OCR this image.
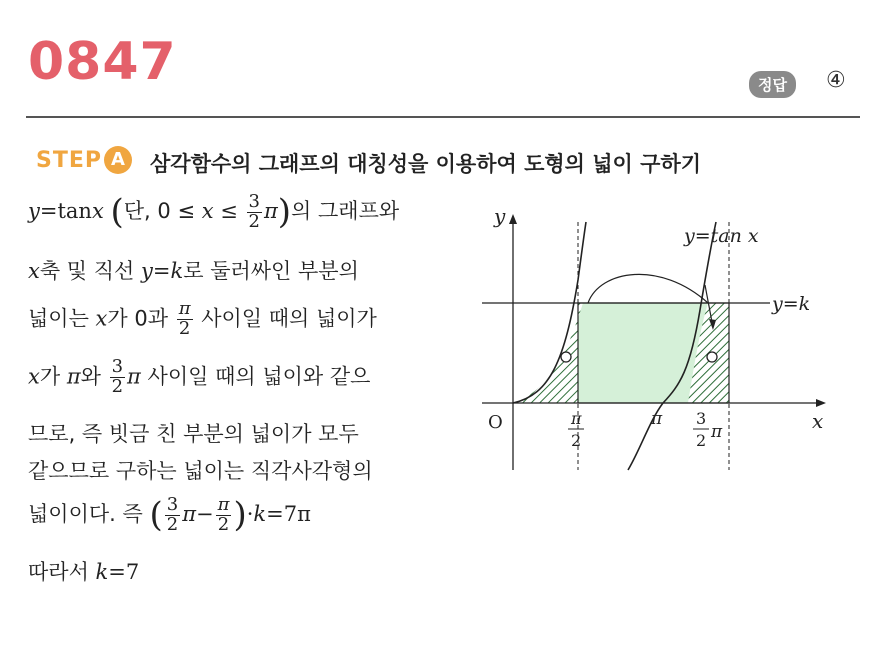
0847	정답	④
STEP A	삼각함수의 그래프의 대칭성을 이용하여 도형의 넓이 구하기
y=tanx (단, $0 \le x \le \frac{3}{2} \pi$)의 그래프와
x축 및 직선 y=k로 둘러싸인 부분의
넓이는 x가 0과 $\frac{\pi}{2}$ 사이일 때의 넓이가
x가 π와 $\frac{3}{2}$ π 사이일 때의 넓이와 같으
므로, 즉 빗금 친 부분의 넓이가 모두
같으므로 구하는 넓이는 직각사각형의
넓이이다. 즉 ( $\frac{3}{2} \pi- \frac{\pi}{2} )\cdot k=7\pi$
따라서 k=7
y
x
O
y=tan x
y=k
π
2
π 3
2 π
